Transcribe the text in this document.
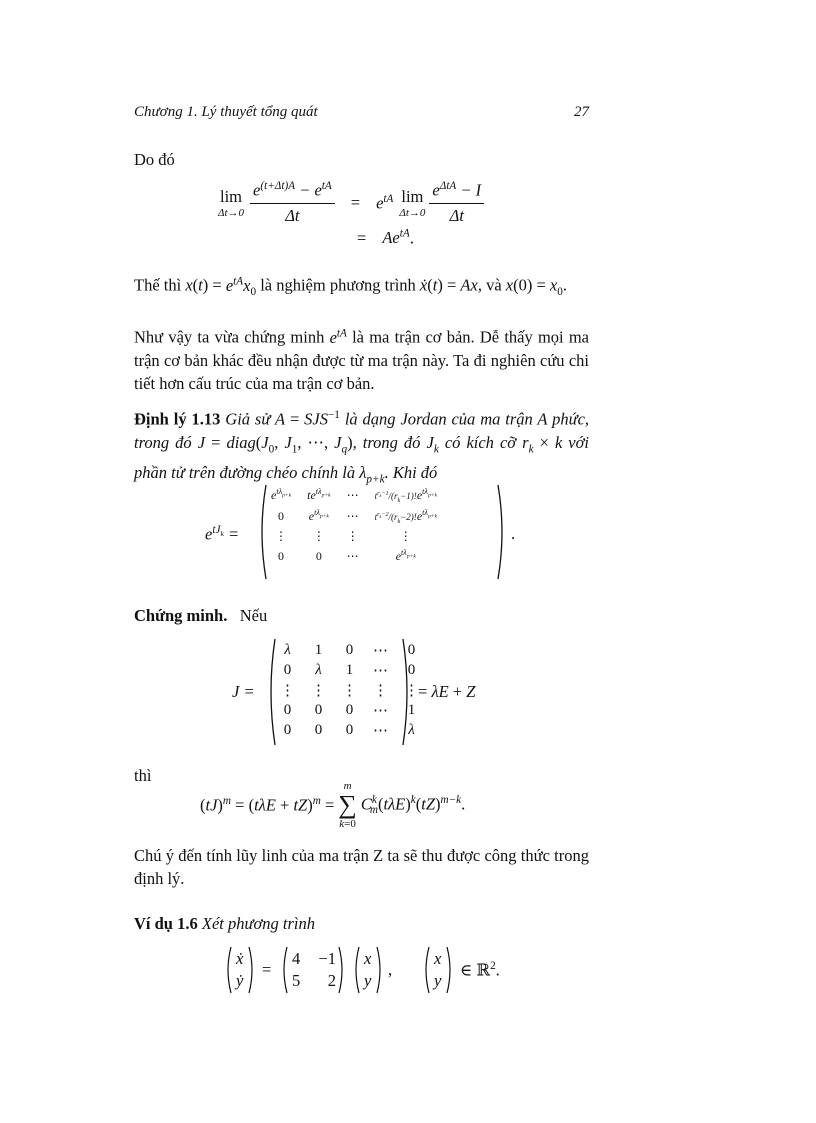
Chương 1. Lý thuyết tổng quát	27
Do đó
lim
$\Delta t\to 0 \frac{e^{(t+\Delta t)A} - e^{tA}}{\Delta t} = e^{tA}$ lim
$\Delta t\to 0 \frac{e^{\Delta tA} - I}{\Delta t}$
= $Ae^{tA}$.
Thế thì $x(t) = e^{tA}x_0$ là nghiệm phương trình ẋ(t) = Ax, và $x(0) = x_0$.
Như vậy ta vừa chứng minh $e^{tA}$ là ma trận cơ bản. Dễ thấy mọi ma trận cơ bản khác đều nhận được từ ma trận này. Ta đi nghiên cứu chi tiết hơn cấu trúc của ma trận cơ bản.
Định lý 1.13 Giả sử $A = SJS^{-1}$ là dạng Jordan của ma trận A phức, trong đó $J = diag(J_0$, $J_1$, ⋯, $J_q$), trong đó $J_k$ có kích cỡ $r_k \times k$ với phần tử trên đường chéo chính là $\lambda_{p+k}$. Khi đó
$e^{tJ_k}$ =
$e^{t\lambda_{p+k}}$	$te^{t\lambda_{p+k}}$	⋯	$t^{r_k-1}/(r_k-1)!e^{t\lambda_{p+k}}$
0	$e^{t\lambda_{p+k}}$	⋯	$t^{r_k-2}/(r_k-2)!e^{t\lambda_{p+k}}$
⋮	⋮	⋮	⋮
0	0	⋯	$e^{t\lambda_{p+k}}$
.
Chứng minh. Nếu
J =
λ	1	0	⋯	0
0	λ	1	⋯	0
⋮	⋮	⋮	⋮	⋮
0	0	0	⋯	1
0	0	0	⋯	λ
= λE + Z
thì
(tJ)$^m$ = (tλE + tZ)$^m$ =
m
∑
k=0
$C^k_m(t\lambda E)^k(tZ)^{m-k}$.
Chú ý đến tính lũy linh của ma trận Z ta sẽ thu được công thức trong định lý.
Ví dụ 1.6 Xét phương trình
ẋ
ẏ
=
4 −1
5 2
x
y
,
x
y
∈ ℝ$^2$.
